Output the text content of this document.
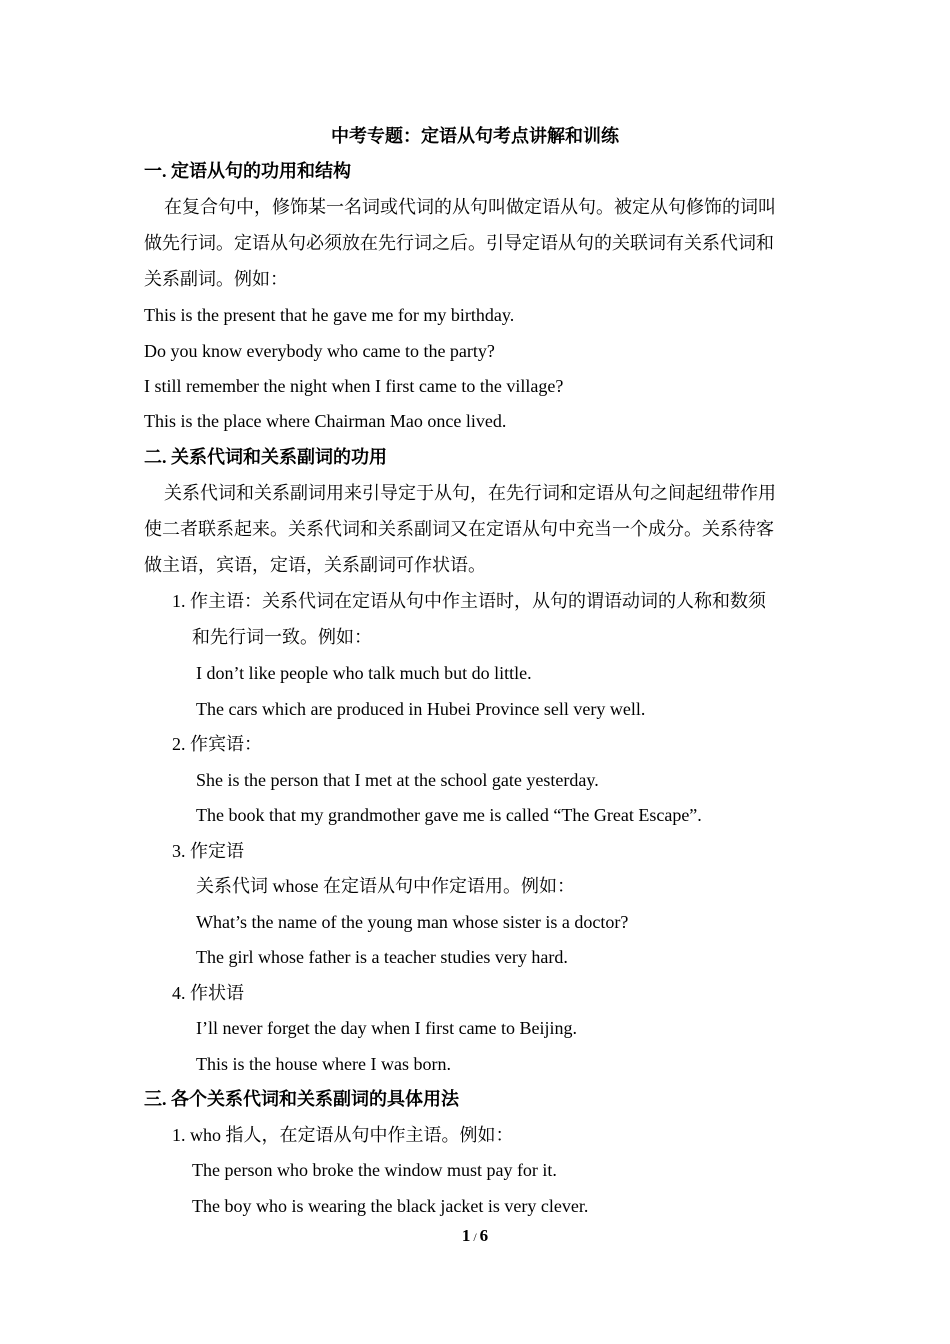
中考专题：定语从句考点讲解和训练
一. 定语从句的功用和结构
在复合句中，修饰某一名词或代词的从句叫做定语从句。被定从句修饰的词叫
做先行词。定语从句必须放在先行词之后。引导定语从句的关联词有关系代词和
关系副词。例如：
This is the present that he gave me for my birthday.
Do you know everybody who came to the party?
I still remember the night when I first came to the village?
This is the place where Chairman Mao once lived.
二. 关系代词和关系副词的功用
关系代词和关系副词用来引导定于从句，在先行词和定语从句之间起纽带作用
使二者联系起来。关系代词和关系副词又在定语从句中充当一个成分。关系待客
做主语，宾语，定语，关系副词可作状语。
1. 作主语：关系代词在定语从句中作主语时，从句的谓语动词的人称和数须
和先行词一致。例如：
I don’t like people who talk much but do little.
The cars which are produced in Hubei Province sell very well.
2. 作宾语：
She is the person that I met at the school gate yesterday.
The book that my grandmother gave me is called “The Great Escape”.
3. 作定语
关系代词 whose 在定语从句中作定语用。例如：
What’s the name of the young man whose sister is a doctor?
The girl whose father is a teacher studies very hard.
4. 作状语
I’ll never forget the day when I first came to Beijing.
This is the house where I was born.
三. 各个关系代词和关系副词的具体用法
1. who 指人，在定语从句中作主语。例如：
The person who broke the window must pay for it.
The boy who is wearing the black jacket is very clever.
1 / 6
